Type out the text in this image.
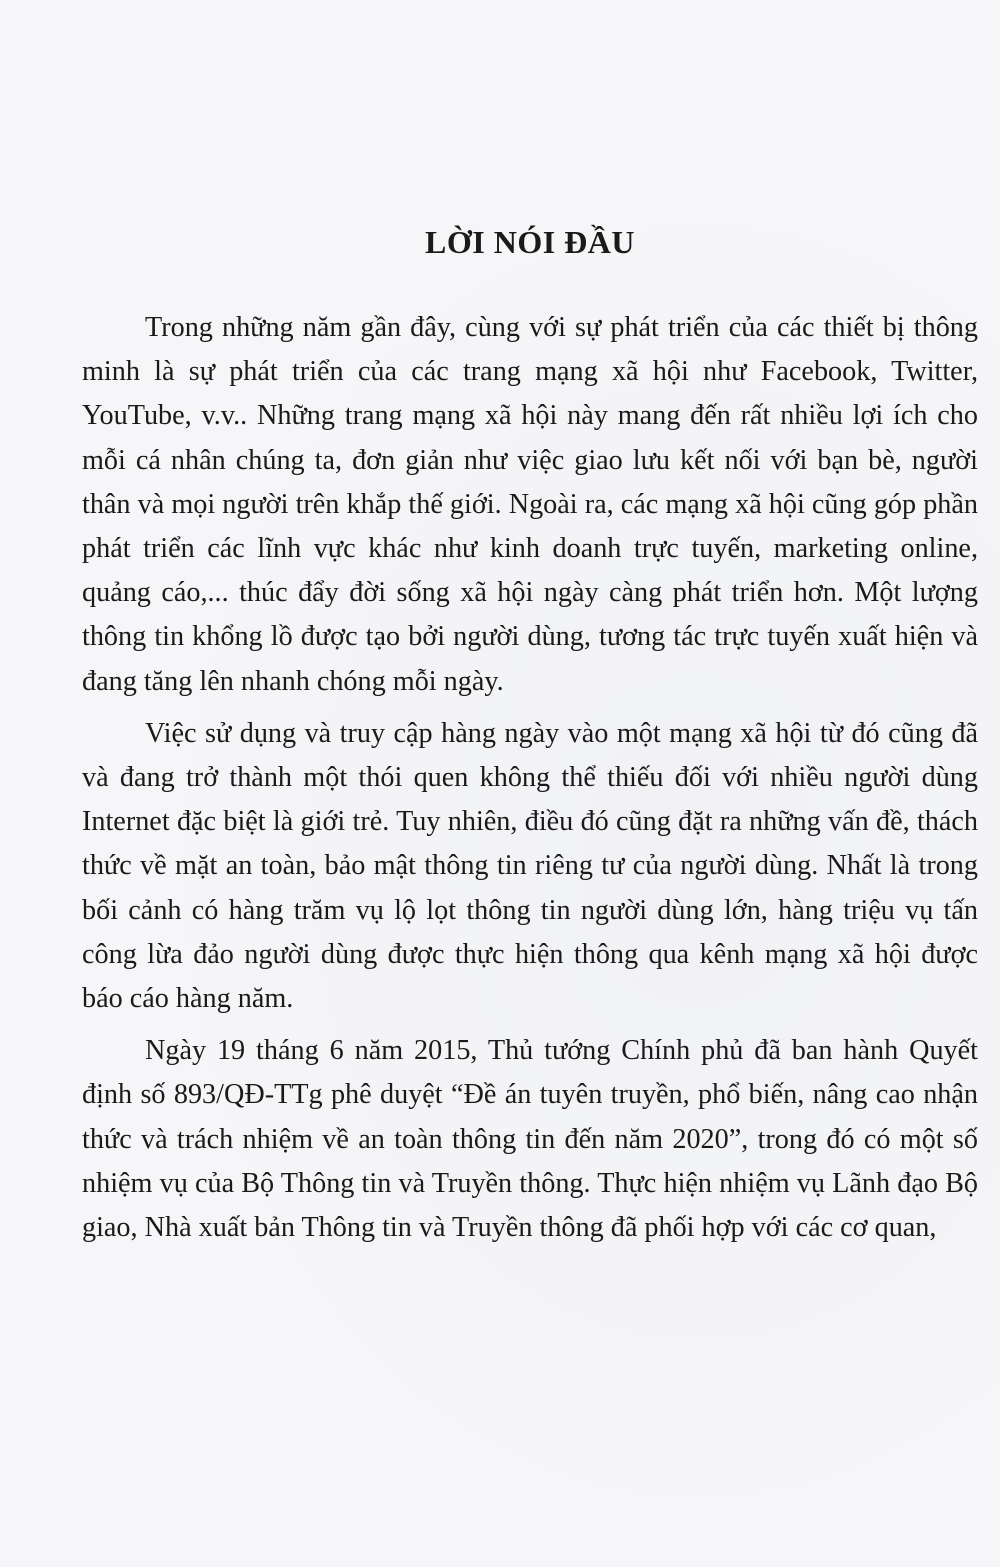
LỜI NÓI ĐẦU

Trong những năm gần đây, cùng với sự phát triển của các thiết bị thông minh là sự phát triển của các trang mạng xã hội như Facebook, Twitter, YouTube, v.v.. Những trang mạng xã hội này mang đến rất nhiều lợi ích cho mỗi cá nhân chúng ta, đơn giản như việc giao lưu kết nối với bạn bè, người thân và mọi người trên khắp thế giới. Ngoài ra, các mạng xã hội cũng góp phần phát triển các lĩnh vực khác như kinh doanh trực tuyến, marketing online, quảng cáo,... thúc đẩy đời sống xã hội ngày càng phát triển hơn. Một lượng thông tin khổng lồ được tạo bởi người dùng, tương tác trực tuyến xuất hiện và đang tăng lên nhanh chóng mỗi ngày.

Việc sử dụng và truy cập hàng ngày vào một mạng xã hội từ đó cũng đã và đang trở thành một thói quen không thể thiếu đối với nhiều người dùng Internet đặc biệt là giới trẻ. Tuy nhiên, điều đó cũng đặt ra những vấn đề, thách thức về mặt an toàn, bảo mật thông tin riêng tư của người dùng. Nhất là trong bối cảnh có hàng trăm vụ lộ lọt thông tin người dùng lớn, hàng triệu vụ tấn công lừa đảo người dùng được thực hiện thông qua kênh mạng xã hội được báo cáo hàng năm.

Ngày 19 tháng 6 năm 2015, Thủ tướng Chính phủ đã ban hành Quyết định số 893/QĐ-TTg phê duyệt “Đề án tuyên truyền, phổ biến, nâng cao nhận thức và trách nhiệm về an toàn thông tin đến năm 2020”, trong đó có một số nhiệm vụ của Bộ Thông tin và Truyền thông. Thực hiện nhiệm vụ Lãnh đạo Bộ giao, Nhà xuất bản Thông tin và Truyền thông đã phối hợp với các cơ quan,
